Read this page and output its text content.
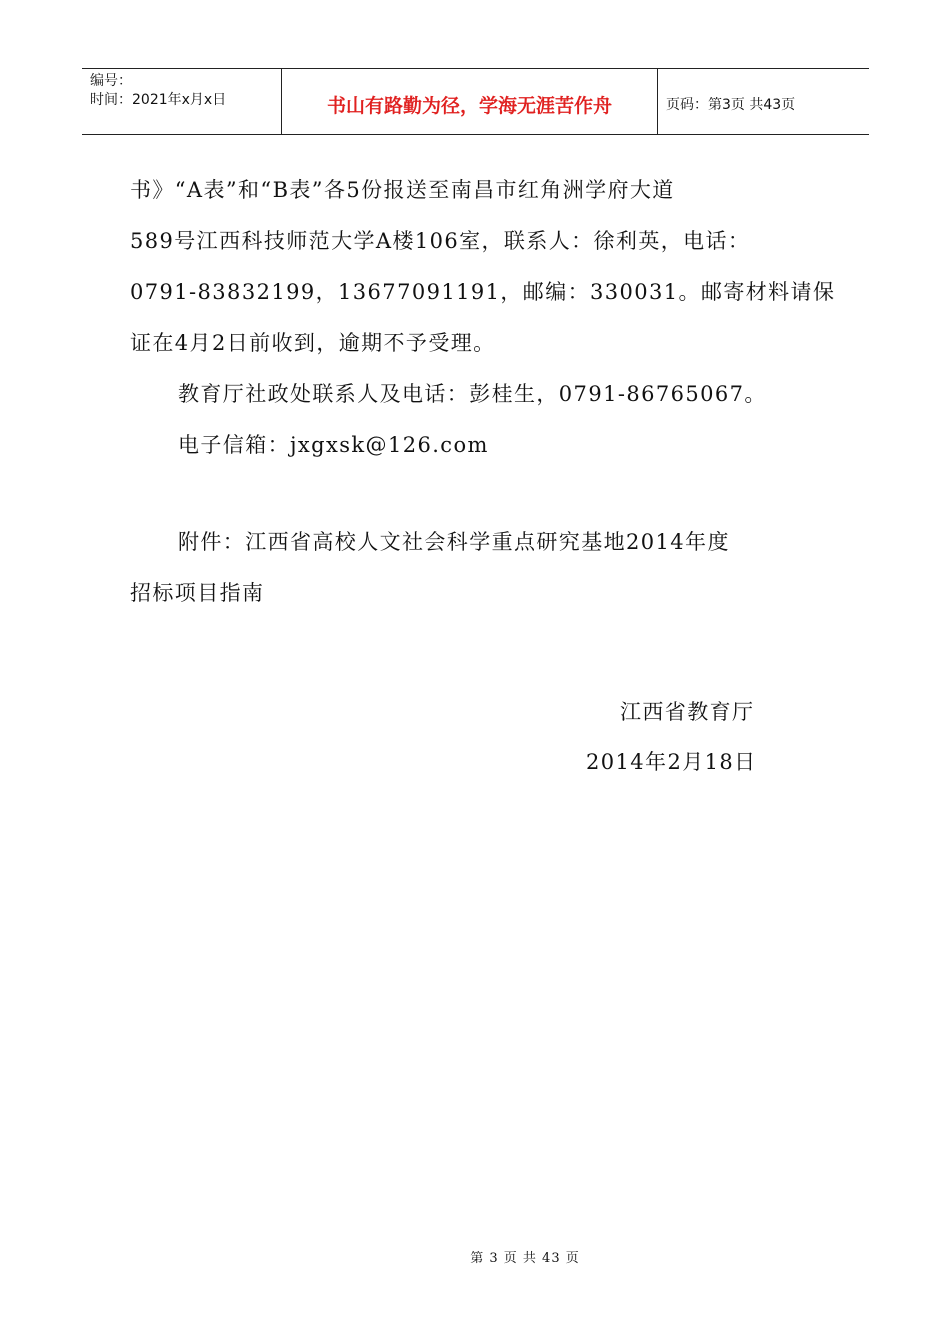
编号：
时间：2021年x月x日	书山有路勤为径，学海无涯苦作舟	页码：第3页 共43页
书》“A表”和“B表”各5份报送至南昌市红角洲学府大道
589号江西科技师范大学A楼106室，联系人：徐利英，电话：
0791-83832199，13677091191，邮编：330031。邮寄材料请保
证在4月2日前收到，逾期不予受理。
教育厅社政处联系人及电话：彭桂生，0791-86765067。
电子信箱：jxgxsk@126.com
附件：江西省高校人文社会科学重点研究基地2014年度
招标项目指南
江西省教育厅
2014年2月18日
第 3 页 共 43 页
